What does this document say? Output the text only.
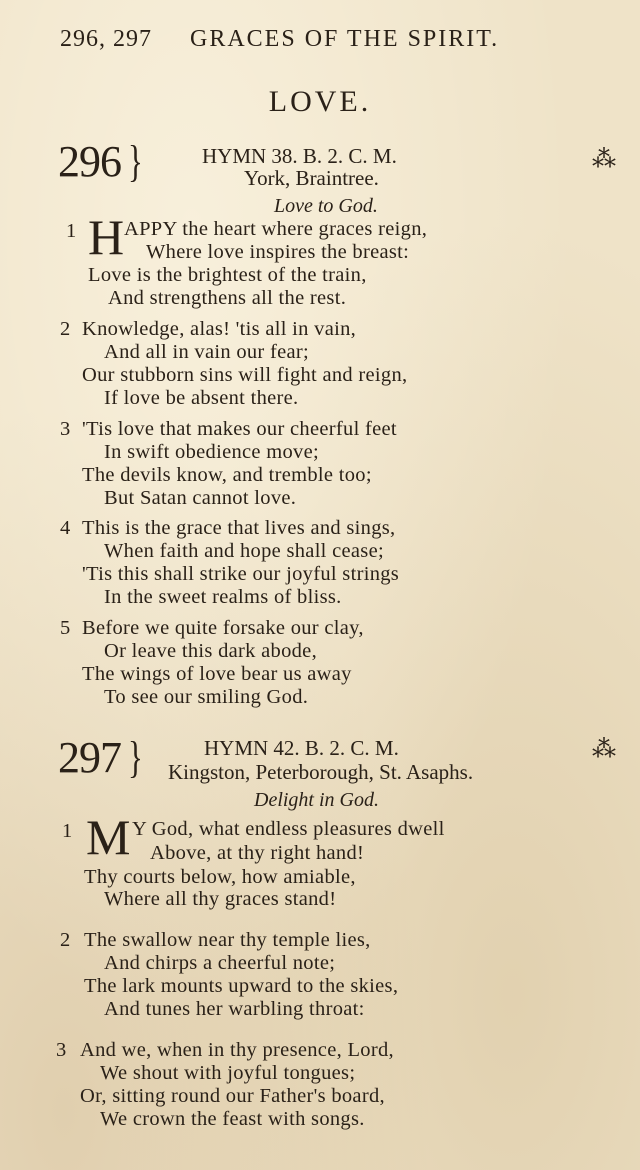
296, 297 GRACES OF THE SPIRIT.
LOVE.
296 }	HYMN 38. B. 2. C. M.	⁂
York, Braintree.
Love to God.
1 H APPY the heart where graces reign,
Where love inspires the breast:
Love is the brightest of the train,
And strengthens all the rest.
2 Knowledge, alas! 'tis all in vain,
And all in vain our fear;
Our stubborn sins will fight and reign,
If love be absent there.
3 'Tis love that makes our cheerful feet
In swift obedience move;
The devils know, and tremble too;
But Satan cannot love.
4 This is the grace that lives and sings,
When faith and hope shall cease;
'Tis this shall strike our joyful strings
In the sweet realms of bliss.
5 Before we quite forsake our clay,
Or leave this dark abode,
The wings of love bear us away
To see our smiling God.
297 }	HYMN 42. B. 2. C. M.	⁂
Kingston, Peterborough, St. Asaphs.
Delight in God.
1 M Y God, what endless pleasures dwell
Above, at thy right hand!
Thy courts below, how amiable,
Where all thy graces stand!
2 The swallow near thy temple lies,
And chirps a cheerful note;
The lark mounts upward to the skies,
And tunes her warbling throat:
3 And we, when in thy presence, Lord,
We shout with joyful tongues;
Or, sitting round our Father's board,
We crown the feast with songs.
